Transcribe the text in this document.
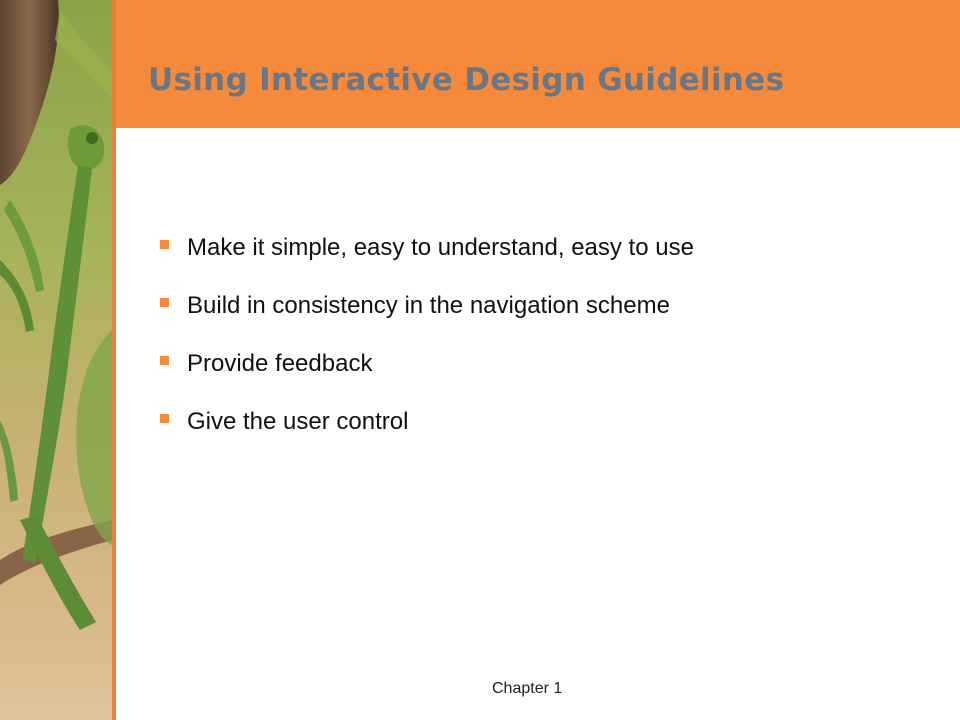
Using Interactive Design Guidelines
Make it simple, easy to understand, easy to use
Build in consistency in the navigation scheme
Provide feedback
Give the user control
Chapter 1
